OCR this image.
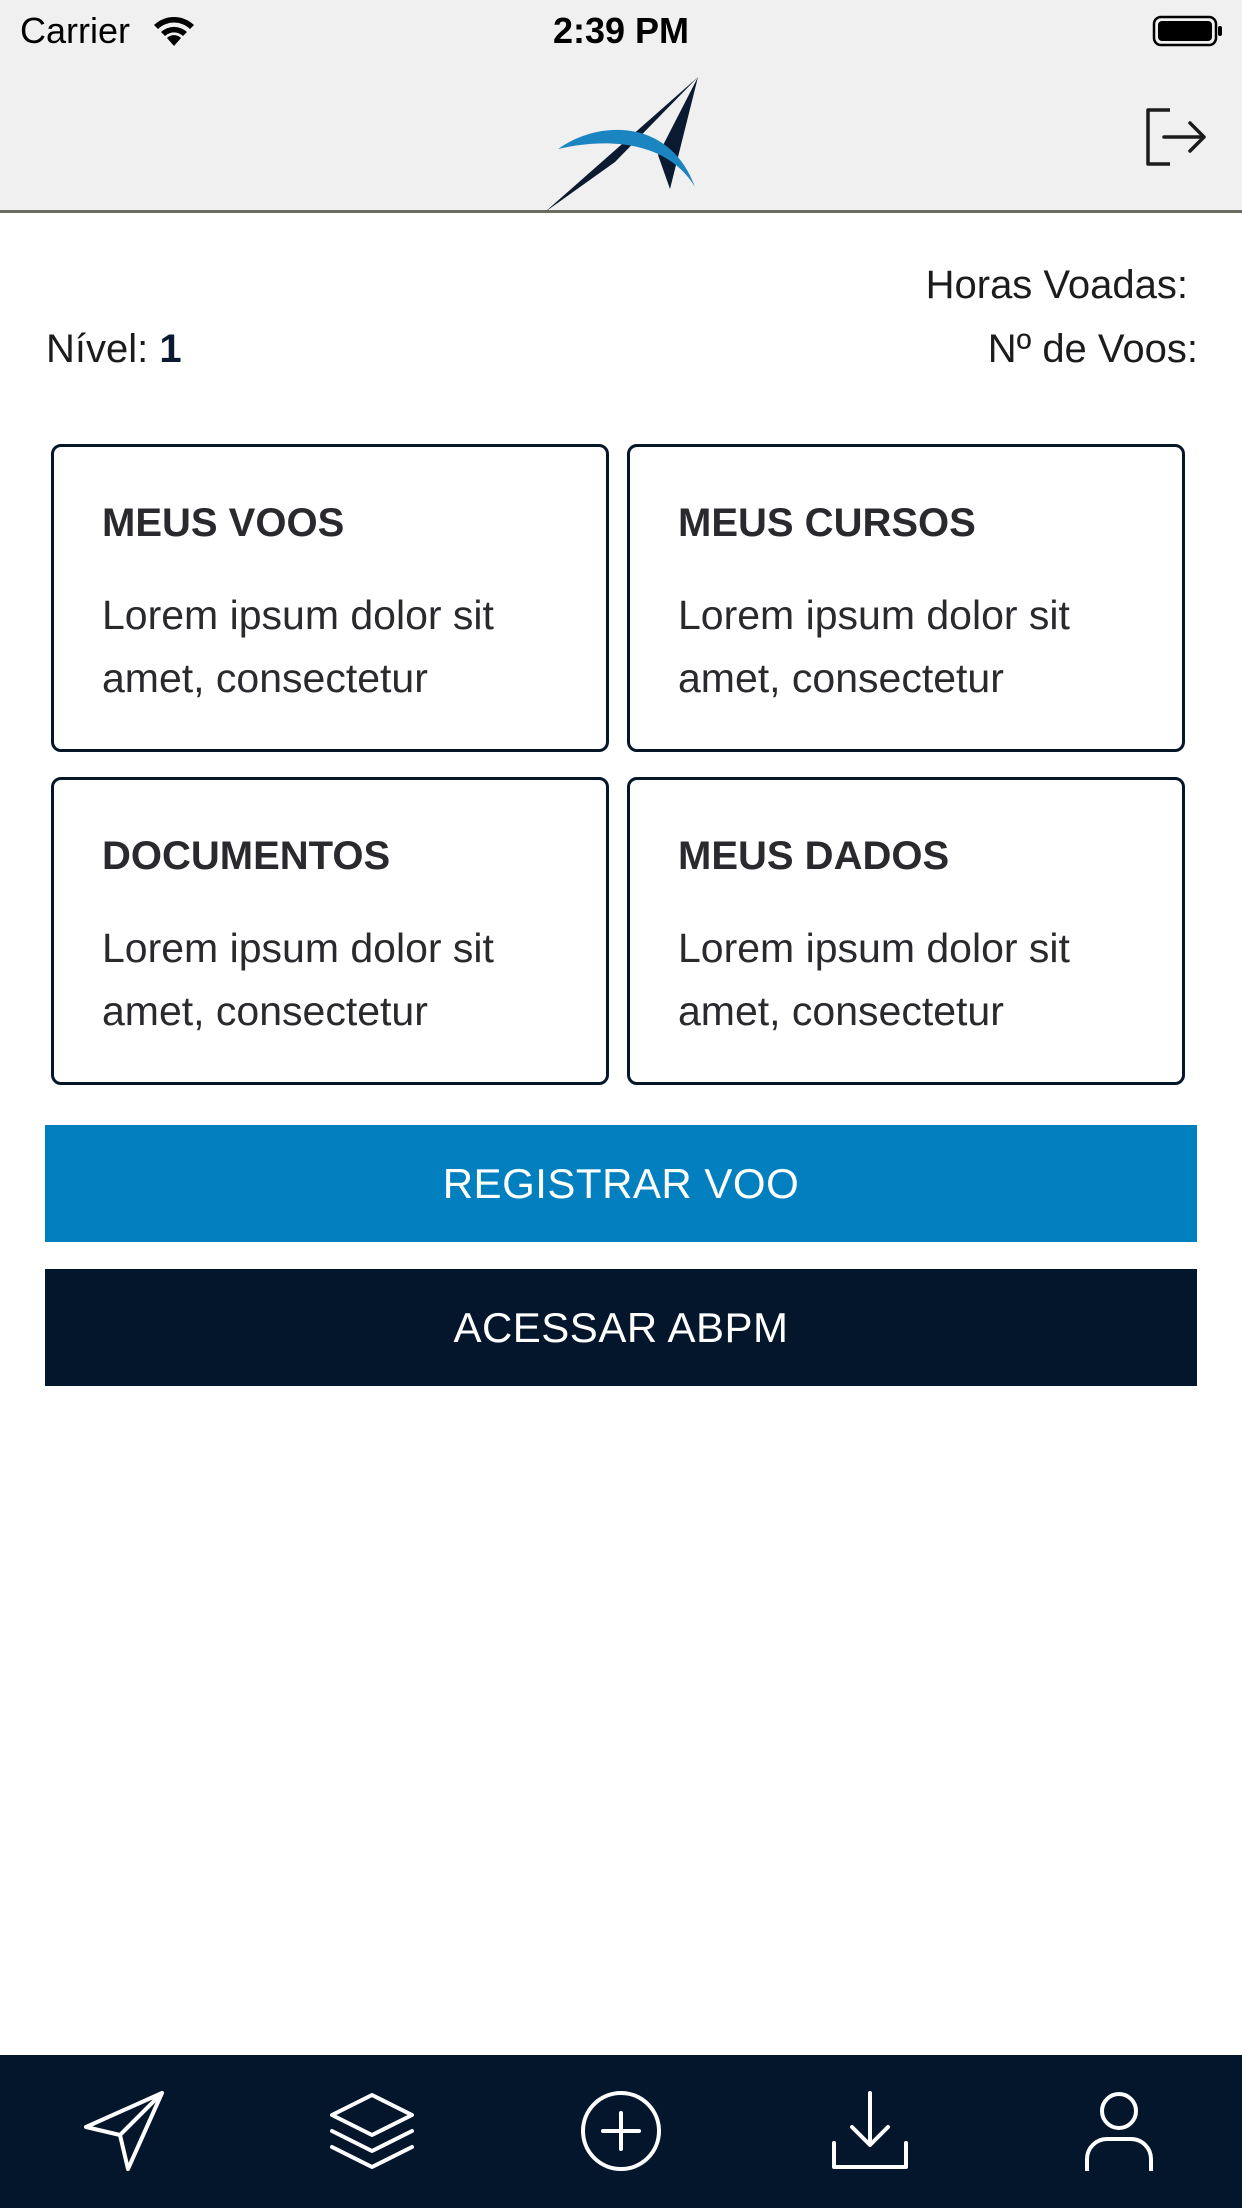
Carrier	2:39 PM
Horas Voadas:
Nº de Voos:
Nível: 1
MEUS VOOS
Lorem ipsum dolor sit amet, consectetur
MEUS CURSOS
Lorem ipsum dolor sit amet, consectetur
DOCUMENTOS
Lorem ipsum dolor sit amet, consectetur
MEUS DADOS
Lorem ipsum dolor sit amet, consectetur
REGISTRAR VOO
ACESSAR ABPM
